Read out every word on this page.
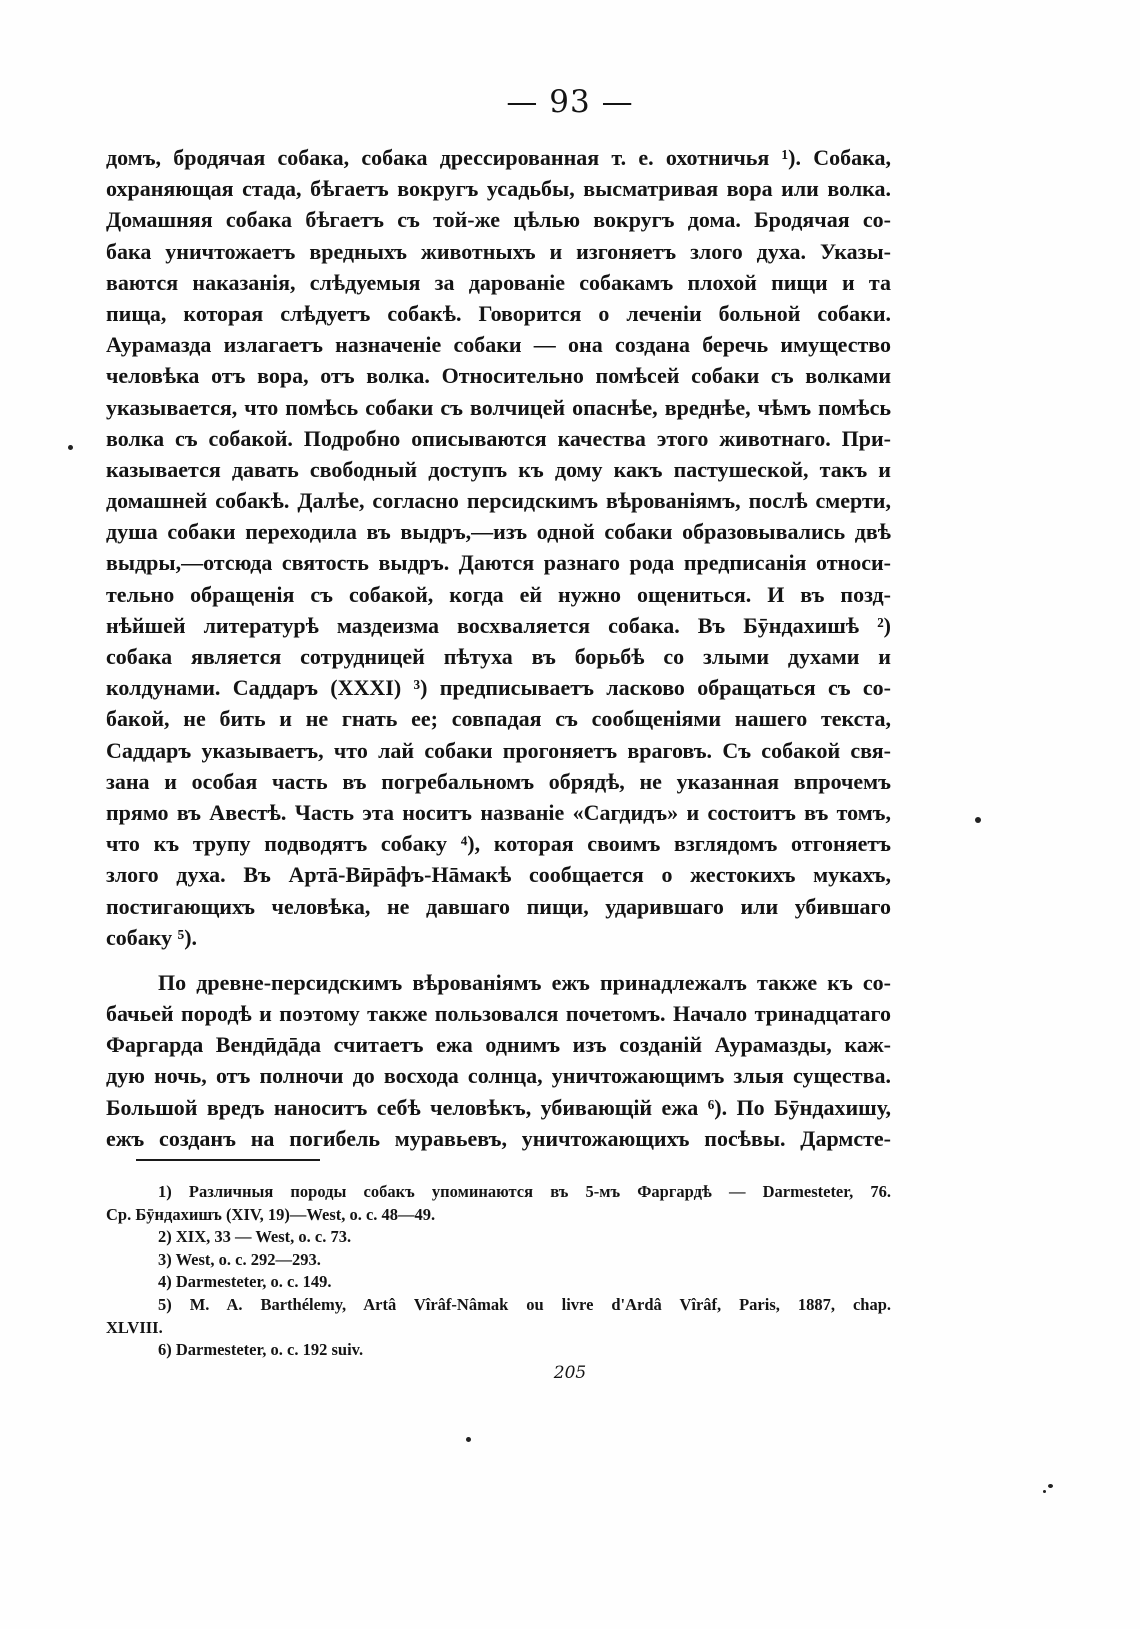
— 93 —
домъ, бродячая собака, собака дрессированная т. е. охотничья ¹). Собака,
охраняющая стада, бѣгаетъ вокругъ усадьбы, высматривая вора или волка.
Домашняя собака бѣгаетъ съ той-же цѣлью вокругъ дома. Бродячая со-
бака уничтожаетъ вредныхъ животныхъ и изгоняетъ злого духа. Указы-
ваются наказанія, слѣдуемыя за дарованіе собакамъ плохой пищи и та
пища, которая слѣдуетъ собакѣ. Говорится о леченіи больной собаки.
Аурамазда излагаетъ назначеніе собаки — она создана беречь имущество
человѣка отъ вора, отъ волка. Относительно помѣсей собаки съ волками
указывается, что помѣсь собаки съ волчицей опаснѣе, вреднѣе, чѣмъ помѣсь
волка съ собакой. Подробно описываются качества этого животнаго. При-
казывается давать свободный доступъ къ дому какъ пастушеской, такъ и
домашней собакѣ. Далѣе, согласно персидскимъ вѣрованіямъ, послѣ смерти,
душа собаки переходила въ выдръ,—изъ одной собаки образовывались двѣ
выдры,—отсюда святость выдръ. Даются разнаго рода предписанія относи-
тельно обращенія съ собакой, когда ей нужно ощениться. И въ позд-
нѣйшей литературѣ маздеизма восхваляется собака. Въ Бӯндахишѣ ²)
собака является сотрудницей пѣтуха въ борьбѣ со злыми духами и
колдунами. Саддаръ (XXXI) ³) предписываетъ ласково обращаться съ со-
бакой, не бить и не гнать ее; совпадая съ сообщеніями нашего текста,
Саддаръ указываетъ, что лай собаки прогоняетъ враговъ. Съ собакой свя-
зана и особая часть въ погребальномъ обрядѣ, не указанная впрочемъ
прямо въ Авестѣ. Часть эта носитъ названіе «Сагдидъ» и состоитъ въ томъ,
что къ трупу подводятъ собаку ⁴), которая своимъ взглядомъ отгоняетъ
злого духа. Въ Артā-Вӣрāфъ-Нāмакѣ сообщается о жестокихъ мукахъ,
постигающихъ человѣка, не давшаго пищи, ударившаго или убившаго
собаку ⁵).
По древне-персидскимъ вѣрованіямъ ежъ принадлежалъ также къ со-
бачьей породѣ и поэтому также пользовался почетомъ. Начало тринадцатаго
Фаргарда Вендӣдāда считаетъ ежа однимъ изъ созданій Аурамазды, каж-
дую ночь, отъ полночи до восхода солнца, уничтожающимъ злыя существа.
Большой вредъ наноситъ себѣ человѣкъ, убивающій ежа ⁶). По Бӯндахишу,
ежъ созданъ на погибель муравьевъ, уничтожающихъ посѣвы. Дармсте-
1) Различныя породы собакъ упоминаются въ 5-мъ Фаргардѣ — Darmesteter, 76.
Ср. Бӯндахишъ (XIV, 19)—West, о. с. 48—49.
2) XIX, 33 — West, о. с. 73.
3) West, о. с. 292—293.
4) Darmesteter, о. с. 149.
5) M. A. Barthélemy, Artâ Vîrâf-Nâmak ou livre d'Ardâ Vîrâf, Paris, 1887, chap.
XLVIII.
6) Darmesteter, о. с. 192 suiv.
205
